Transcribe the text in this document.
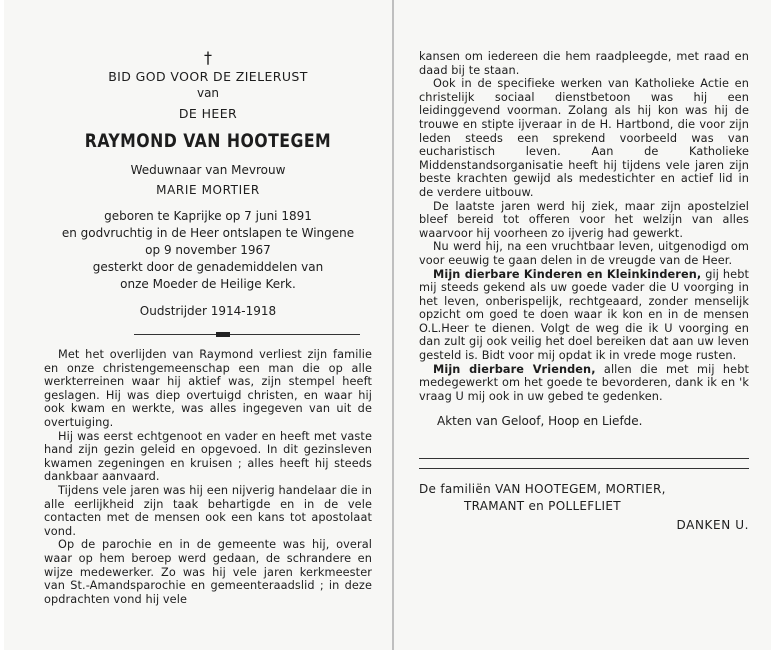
†
BID GOD VOOR DE ZIELERUST
van
DE HEER
RAYMOND VAN HOOTEGEM
Weduwnaar van Mevrouw
MARIE MORTIER
geboren te Kaprijke op 7 juni 1891
en godvruchtig in de Heer ontslapen te Wingene
op 9 november 1967
gesterkt door de genademiddelen van
onze Moeder de Heilige Kerk.
Oudstrijder 1914-1918

Met het overlijden van Raymond verliest zijn familie en onze christengemeenschap een man die op alle werkterreinen waar hij aktief was, zijn stempel heeft geslagen. Hij was diep overtuigd christen, en waar hij ook kwam en werkte, was alles ingegeven van uit de overtuiging.

Hij was eerst echtgenoot en vader en heeft met vaste hand zijn gezin geleid en opgevoed. In dit gezinsleven kwamen zegeningen en kruisen ; alles heeft hij steeds dankbaar aanvaard.

Tijdens vele jaren was hij een nijverig handelaar die in alle eerlijkheid zijn taak behartigde en in de vele contacten met de mensen ook een kans tot apostolaat vond.

Op de parochie en in de gemeente was hij, overal waar op hem beroep werd gedaan, de schrandere en wijze medewerker. Zo was hij vele jaren kerkmeester van St.-Amandsparochie en gemeenteraadslid ; in deze opdrachten vond hij vele

kansen om iedereen die hem raadpleegde, met raad en daad bij te staan.

Ook in de specifieke werken van Katholieke Actie en christelijk sociaal dienstbetoon was hij een leidinggevend voorman. Zolang als hij kon was hij de trouwe en stipte ijveraar in de H. Hartbond, die voor zijn leden steeds een sprekend voorbeeld was van eucharistisch leven. Aan de Katholieke Middenstandsorganisatie heeft hij tijdens vele jaren zijn beste krachten gewijd als medestichter en actief lid in de verdere uitbouw.

De laatste jaren werd hij ziek, maar zijn apostelziel bleef bereid tot offeren voor het welzijn van alles waarvoor hij voorheen zo ijverig had gewerkt.

Nu werd hij, na een vruchtbaar leven, uitgenodigd om voor eeuwig te gaan delen in de vreugde van de Heer.

Mijn dierbare Kinderen en Kleinkinderen, gij hebt mij steeds gekend als uw goede vader die U voorging in het leven, onberispelijk, rechtgeaard, zonder menselijk opzicht om goed te doen waar ik kon en in de mensen O.L.Heer te dienen. Volgt de weg die ik U voorging en dan zult gij ook veilig het doel bereiken dat aan uw leven gesteld is. Bidt voor mij opdat ik in vrede moge rusten.

Mijn dierbare Vrienden, allen die met mij hebt medegewerkt om het goede te bevorderen, dank ik en 'k vraag U mij ook in uw gebed te gedenken.

Akten van Geloof, Hoop en Liefde.
De familiën VAN HOOTEGEM, MORTIER,
TRAMANT en POLLEFLIET
DANKEN U.
